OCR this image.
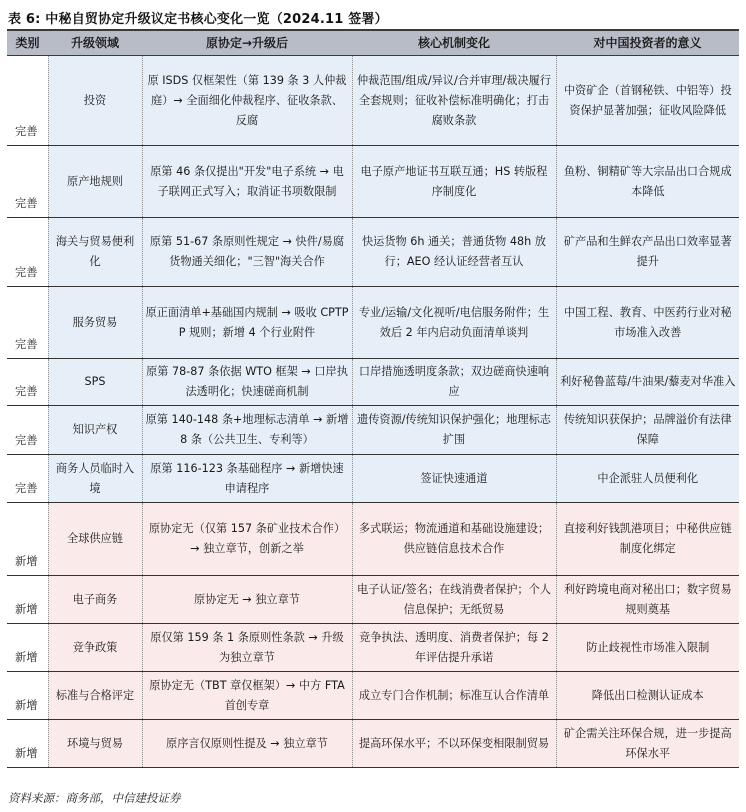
表 6: 中秘自贸协定升级议定书核心变化一览（2024.11 签署）
类别	升级领域	原协定→升级后	核心机制变化	对中国投资者的意义
完善	投资	原 ISDS 仅框架性（第 139 条 3 人仲裁庭）→ 全面细化仲裁程序、征收条款、反腐	仲裁范围/组成/异议/合并审理/裁决履行全套规则；征收补偿标准明确化；打击腐败条款	中资矿企（首钢秘铁、中铝等）投资保护显著加强；征收风险降低
完善	原产地规则	原第 46 条仅提出"开发"电子系统 → 电子联网正式写入；取消证书项数限制	电子原产地证书互联互通；HS 转版程序制度化	鱼粉、铜精矿等大宗品出口合规成本降低
完善	海关与贸易便利化	原第 51-67 条原则性规定 → 快件/易腐货物通关细化；"三智"海关合作	快运货物 6h 通关；普通货物 48h 放行；AEO 经认证经营者互认	矿产品和生鲜农产品出口效率显著提升
完善	服务贸易	原正面清单+基础国内规制 → 吸收 CPTPP 规则；新增 4 个行业附件	专业/运输/文化视听/电信服务附件；生效后 2 年内启动负面清单谈判	中国工程、教育、中医药行业对秘市场准入改善
完善	SPS	原第 78-87 条依据 WTO 框架 → 口岸执法透明化；快速磋商机制	口岸措施透明度条款；双边磋商快速响应	利好秘鲁蓝莓/牛油果/藜麦对华准入
完善	知识产权	原第 140-148 条+地理标志清单 → 新增 8 条（公共卫生、专利等）	遗传资源/传统知识保护强化；地理标志扩围	传统知识获保护；品牌溢价有法律保障
完善	商务人员临时入境	原第 116-123 条基础程序 → 新增快速申请程序	签证快速通道	中企派驻人员便利化
新增	全球供应链	原协定无（仅第 157 条矿业技术合作）→ 独立章节，创新之举	多式联运；物流通道和基础设施建设；供应链信息技术合作	直接利好钱凯港项目；中秘供应链制度化绑定
新增	电子商务	原协定无 → 独立章节	电子认证/签名；在线消费者保护；个人信息保护；无纸贸易	利好跨境电商对秘出口；数字贸易规则奠基
新增	竞争政策	原仅第 159 条 1 条原则性条款 → 升级为独立章节	竞争执法、透明度、消费者保护；每 2 年评估提升承诺	防止歧视性市场准入限制
新增	标准与合格评定	原协定无（TBT 章仅框架）→ 中方 FTA 首创专章	成立专门合作机制；标准互认合作清单	降低出口检测认证成本
新增	环境与贸易	原序言仅原则性提及 → 独立章节	提高环保水平；不以环保变相限制贸易	矿企需关注环保合规，进一步提高环保水平
资料来源：商务部，中信建投证券
